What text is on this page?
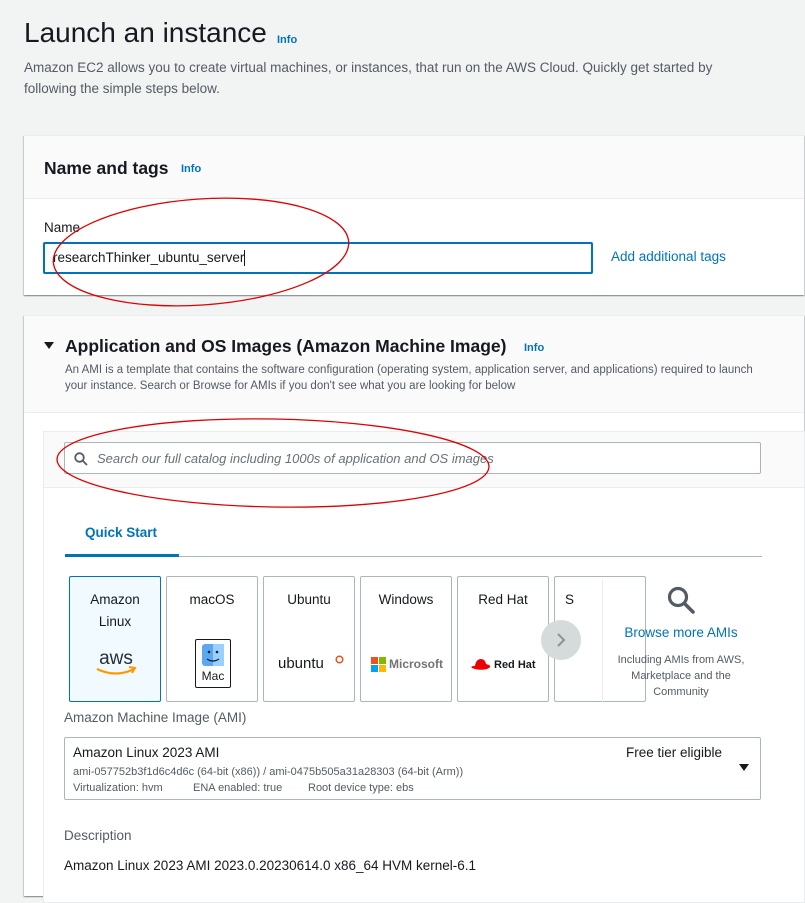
Launch an instance Info
Amazon EC2 allows you to create virtual machines, or instances, that run on the AWS Cloud. Quickly get started by following the simple steps below.
Name and tags Info
Name
researchThinker_ubuntu_server	Add additional tags
Application and OS Images (Amazon Machine Image) Info
An AMI is a template that contains the software configuration (operating system, application server, and applications) required to launch your instance. Search or Browse for AMIs if you don't see what you are looking for below
Search our full catalog including 1000s of application and OS images
Quick Start
Amazon Linux
aws
macOS
Mac
Ubuntu
ubuntu
Windows
Microsoft
Red Hat
Red Hat
S
Browse more AMIs
Including AMIs from AWS, Marketplace and the Community
Amazon Machine Image (AMI)
Amazon Linux 2023 AMI	Free tier eligible
ami-057752b3f1d6c4d6c (64-bit (x86)) / ami-0475b505a31a28303 (64-bit (Arm))
Virtualization: hvm	ENA enabled: true Root device type: ebs
Description
Amazon Linux 2023 AMI 2023.0.20230614.0 x86_64 HVM kernel-6.1
